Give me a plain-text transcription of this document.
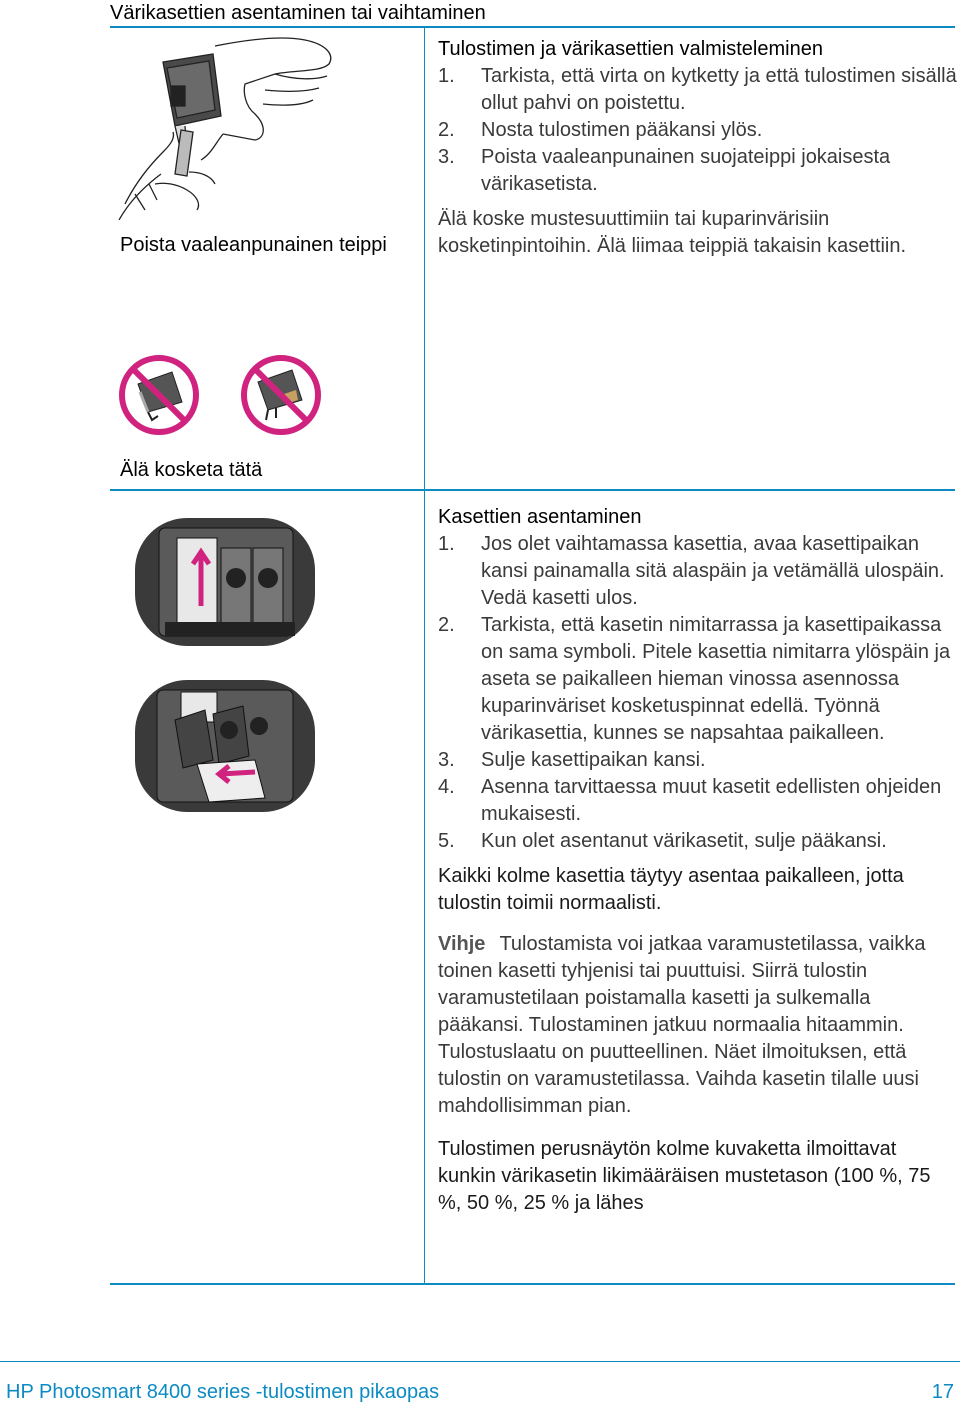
Värikasettien asentaminen tai vaihtaminen
Poista vaaleanpunainen teippi
Älä kosketa tätä
Tulostimen ja värikasettien valmisteleminen
1. Tarkista, että virta on kytketty ja että tulostimen sisällä ollut pahvi on poistettu.
2. Nosta tulostimen pääkansi ylös.
3. Poista vaaleanpunainen suojateippi jokaisesta värikasetista.
Älä koske mustesuuttimiin tai kuparinvärisiin kosketinpintoihin. Älä liimaa teippiä takaisin kasettiin.
Kasettien asentaminen
1. Jos olet vaihtamassa kasettia, avaa kasettipaikan kansi painamalla sitä alaspäin ja vetämällä ulospäin. Vedä kasetti ulos.
2. Tarkista, että kasetin nimitarrassa ja kasettipaikassa on sama symboli. Pitele kasettia nimitarra ylöspäin ja aseta se paikalleen hieman vinossa asennossa kuparinväriset kosketuspinnat edellä. Työnnä värikasettia, kunnes se napsahtaa paikalleen.
3. Sulje kasettipaikan kansi.
4. Asenna tarvittaessa muut kasetit edellisten ohjeiden mukaisesti.
5. Kun olet asentanut värikasetit, sulje pääkansi.
Kaikki kolme kasettia täytyy asentaa paikalleen, jotta tulostin toimii normaalisti.
Vihje Tulostamista voi jatkaa varamustetilassa, vaikka toinen kasetti tyhjenisi tai puuttuisi. Siirrä tulostin varamustetilaan poistamalla kasetti ja sulkemalla pääkansi. Tulostaminen jatkuu normaalia hitaammin. Tulostuslaatu on puutteellinen. Näet ilmoituksen, että tulostin on varamustetilassa. Vaihda kasetin tilalle uusi mahdollisimman pian.
Tulostimen perusnäytön kolme kuvaketta ilmoittavat kunkin värikasetin likimääräisen mustetason (100 %, 75 %, 50 %, 25 % ja lähes
HP Photosmart 8400 series -tulostimen pikaopas	17
